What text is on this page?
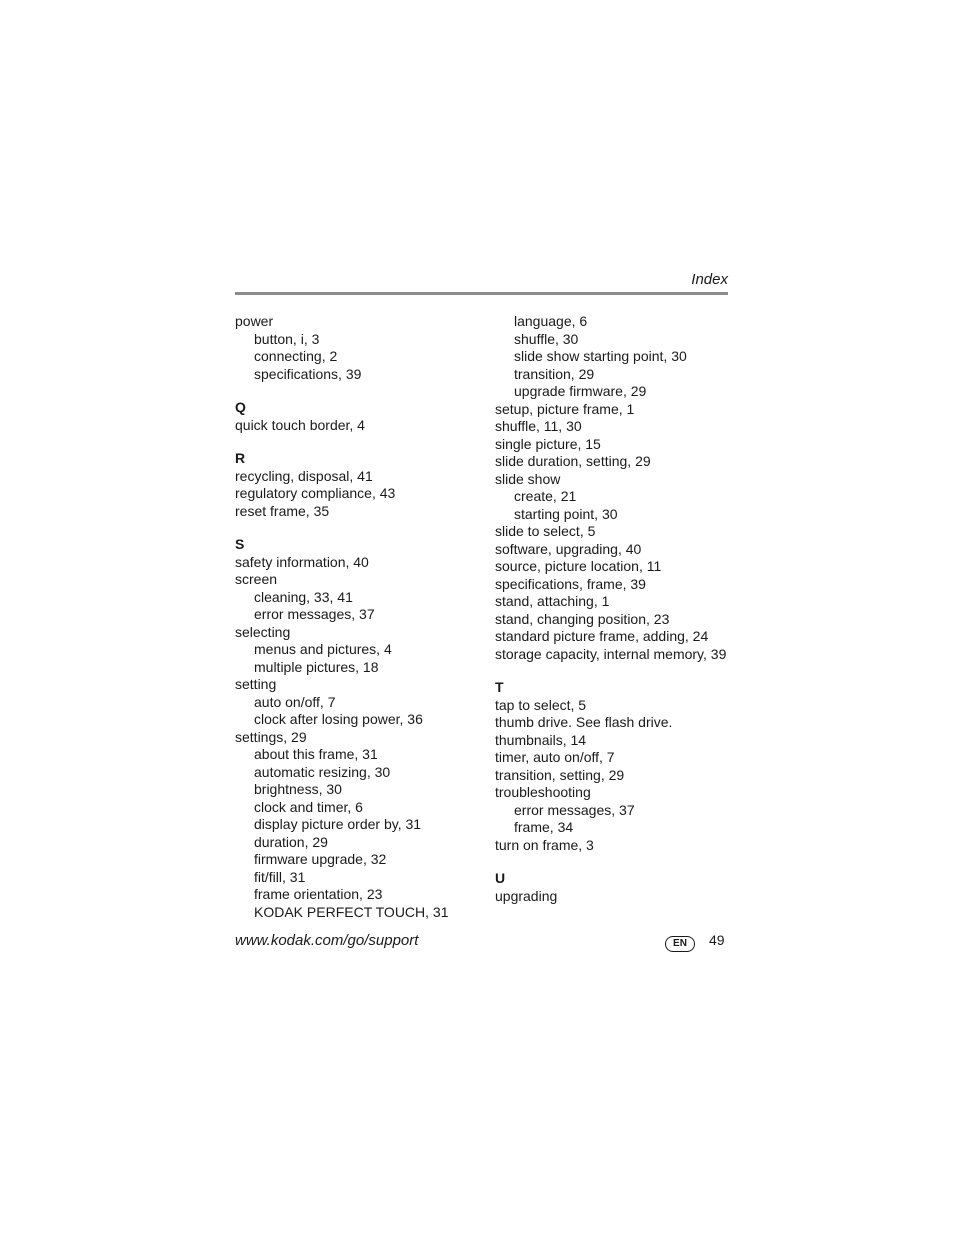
Index
power
button, i, 3
connecting, 2
specifications, 39
Q
quick touch border, 4
R
recycling, disposal, 41
regulatory compliance, 43
reset frame, 35
S
safety information, 40
screen
cleaning, 33, 41
error messages, 37
selecting
menus and pictures, 4
multiple pictures, 18
setting
auto on/off, 7
clock after losing power, 36
settings, 29
about this frame, 31
automatic resizing, 30
brightness, 30
clock and timer, 6
display picture order by, 31
duration, 29
firmware upgrade, 32
fit/fill, 31
frame orientation, 23
KODAK PERFECT TOUCH, 31
language, 6
shuffle, 30
slide show starting point, 30
transition, 29
upgrade firmware, 29
setup, picture frame, 1
shuffle, 11, 30
single picture, 15
slide duration, setting, 29
slide show
create, 21
starting point, 30
slide to select, 5
software, upgrading, 40
source, picture location, 11
specifications, frame, 39
stand, attaching, 1
stand, changing position, 23
standard picture frame, adding, 24
storage capacity, internal memory, 39
T
tap to select, 5
thumb drive. See flash drive.
thumbnails, 14
timer, auto on/off, 7
transition, setting, 29
troubleshooting
error messages, 37
frame, 34
turn on frame, 3
U
upgrading
www.kodak.com/go/support	EN	49
